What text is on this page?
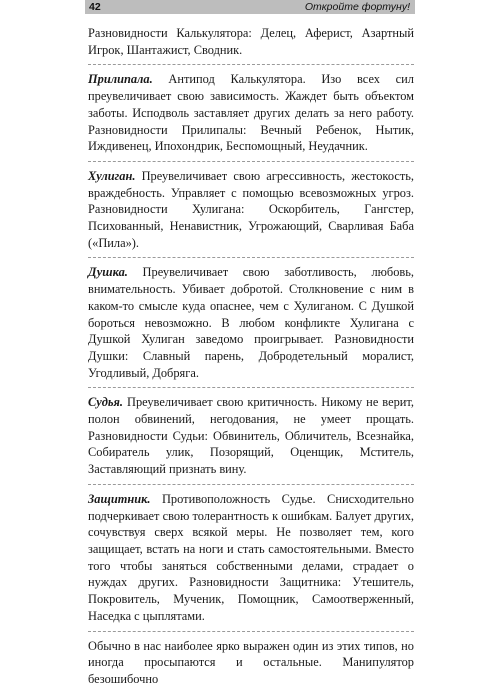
42	Откройте фортуну!

Разновидности Калькулятора: Делец, Аферист, Азартный Игрок, Шантажист, Сводник.

Прилипала. Антипод Калькулятора. Изо всех сил преувеличивает свою зависимость. Жаждет быть объектом заботы. Исподволь заставляет других делать за него работу. Разновидности Прилипалы: Вечный Ребенок, Нытик, Иждивенец, Ипохондрик, Беспомощный, Неудачник.

Хулиган. Преувеличивает свою агрессивность, жестокость, враждебность. Управляет с помощью всевозможных угроз. Разновидности Хулигана: Оскорбитель, Гангстер, Психованный, Ненавистник, Угрожающий, Сварливая Баба («Пила»).

Душка. Преувеличивает свою заботливость, любовь, внимательность. Убивает добротой. Столкновение с ним в каком-то смысле куда опаснее, чем с Хулиганом. С Душкой бороться невозможно. В любом конфликте Хулигана с Душкой Хулиган заведомо проигрывает. Разновидности Душки: Славный парень, Добродетельный моралист, Угодливый, Добряга.

Судья. Преувеличивает свою критичность. Никому не верит, полон обвинений, негодования, не умеет прощать. Разновидности Судьи: Обвинитель, Обличитель, Всезнайка, Собиратель улик, Позорящий, Оценщик, Мститель, Заставляющий признать вину.

Защитник. Противоположность Судье. Снисходительно подчеркивает свою толерантность к ошибкам. Балует других, сочувствуя сверх всякой меры. Не позволяет тем, кого защищает, встать на ноги и стать самостоятельными. Вместо того чтобы заняться собственными делами, страдает о нуждах других. Разновидности Защитника: Утешитель, Покровитель, Мученик, Помощник, Самоотверженный, Наседка с цыплятами.

Обычно в нас наиболее ярко выражен один из этих типов, но иногда просыпаются и остальные. Манипулятор безошибочно
